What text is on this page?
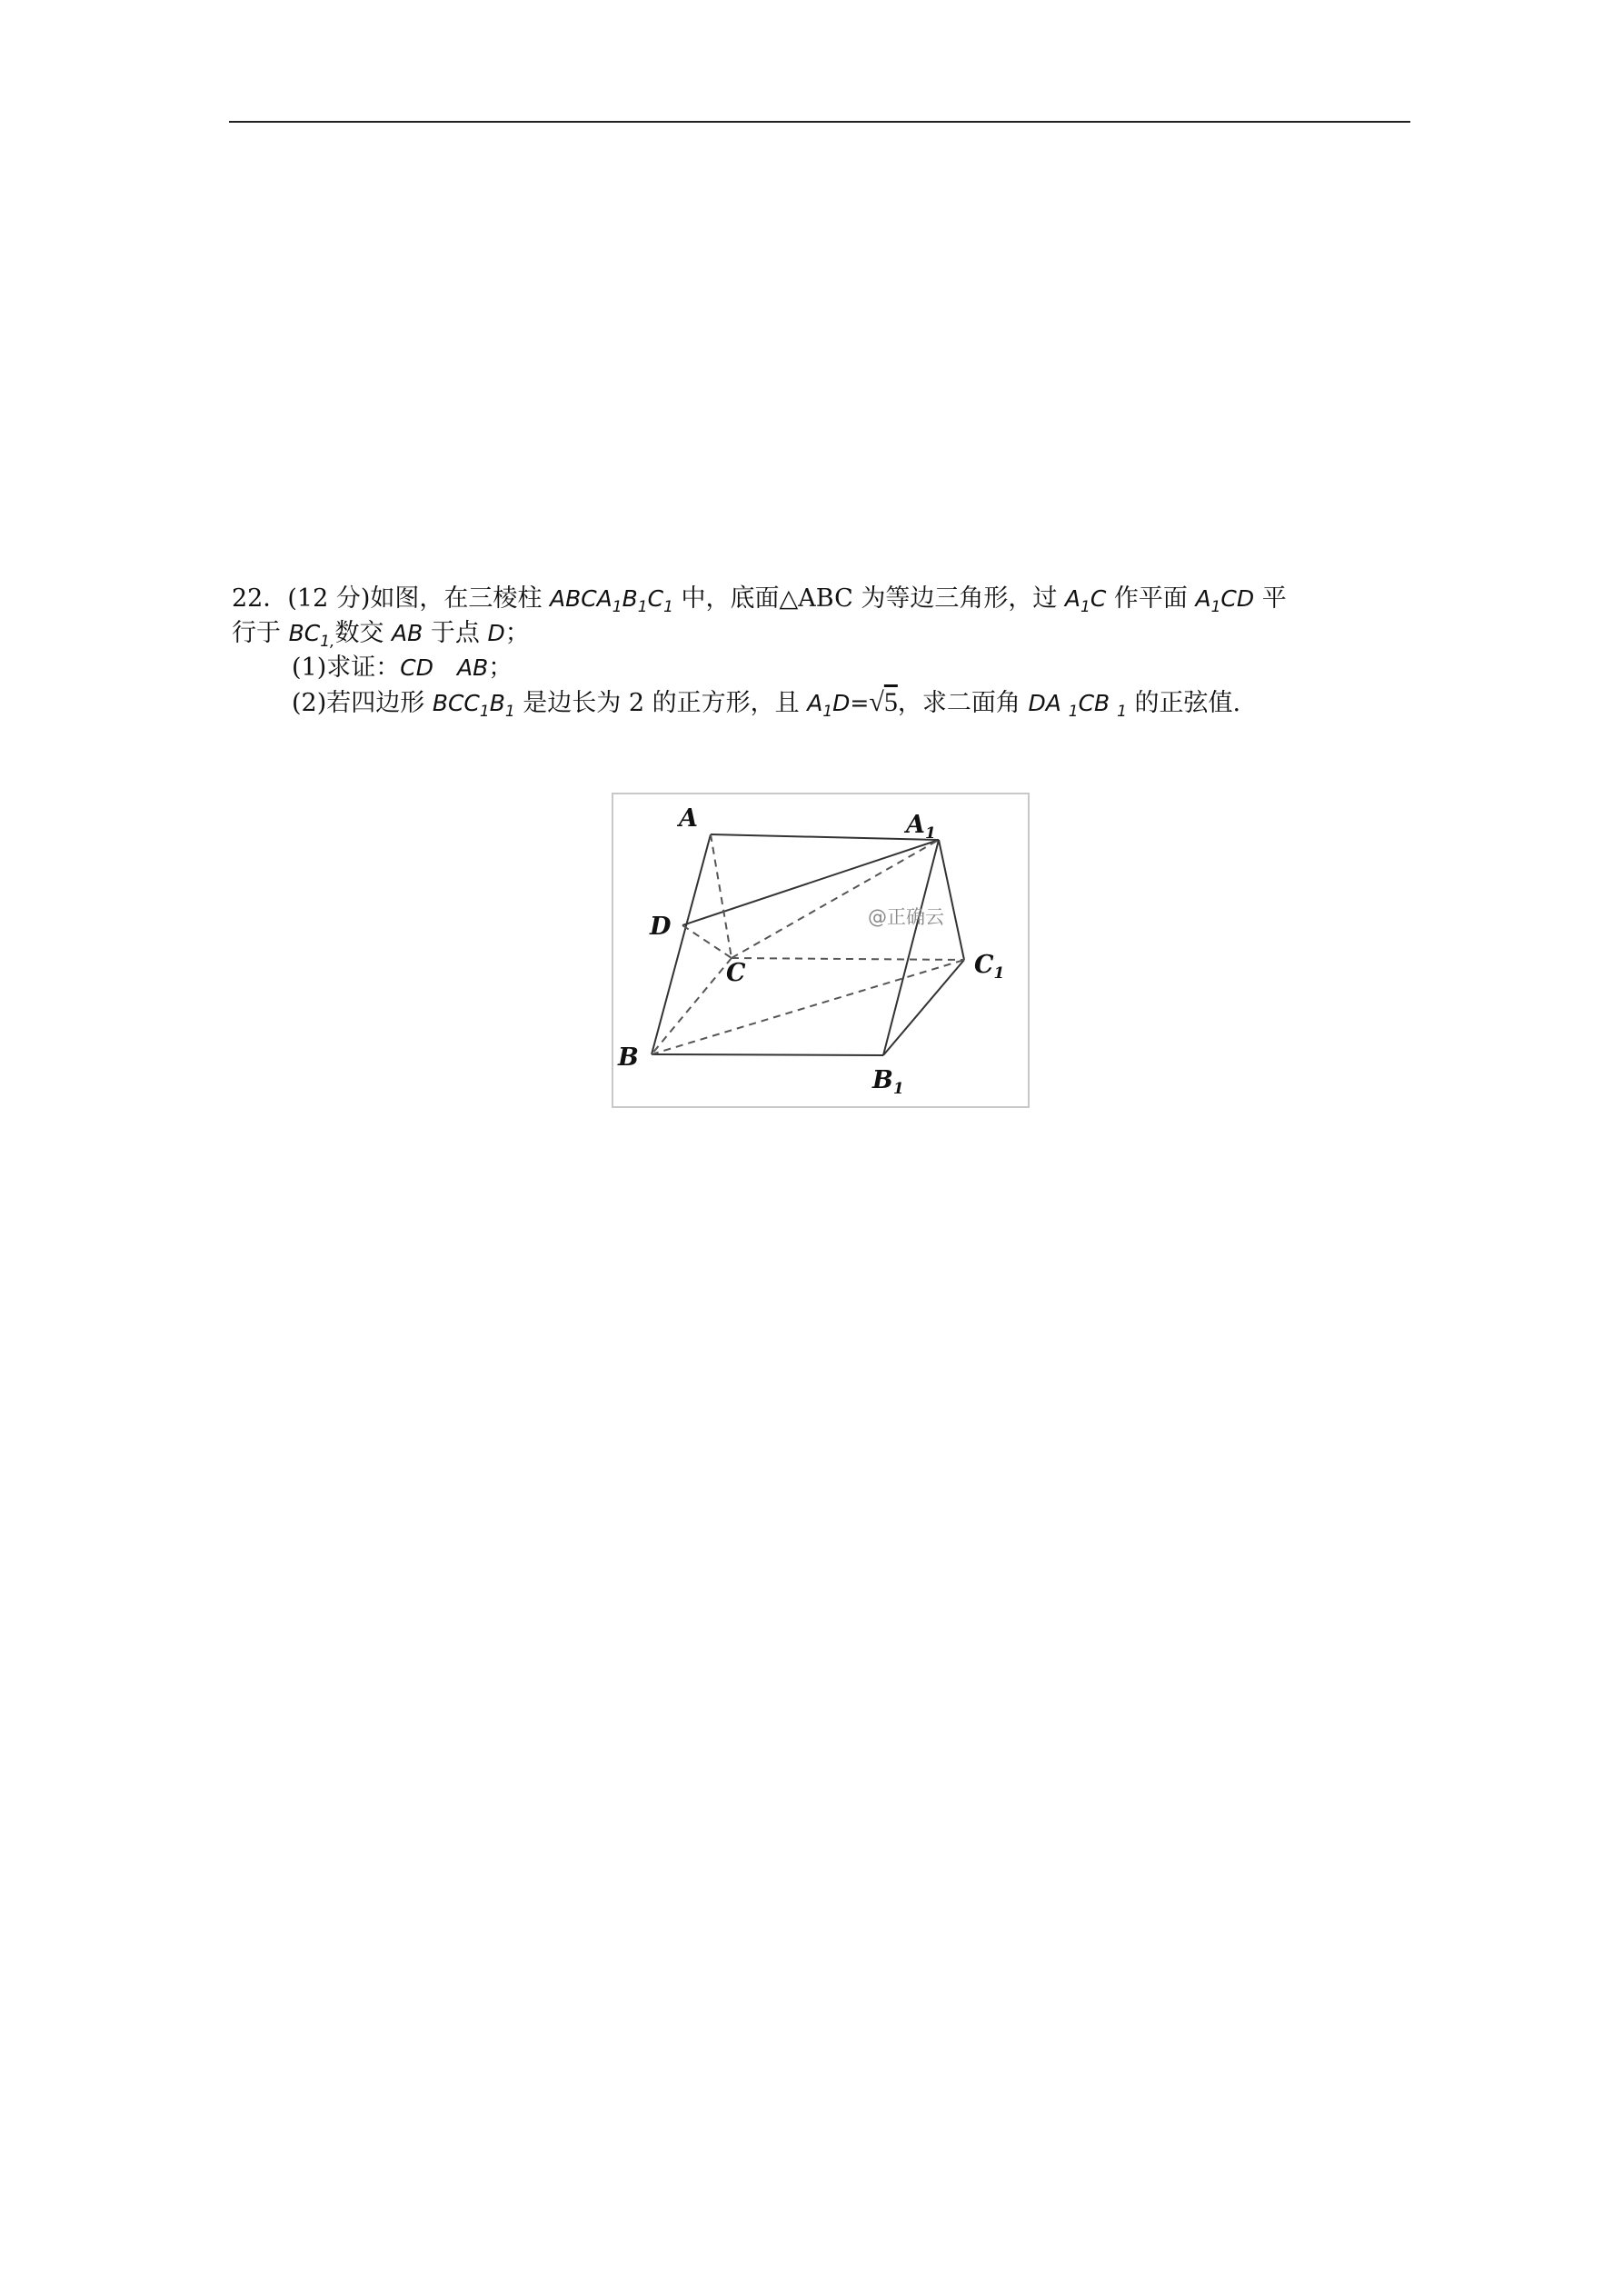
22．(12 分)如图，在三棱柱 $ABCA_1B_1C_1$ 中，底面△ABC 为等边三角形，过 $A_1C$ 作平面 $A_1CD$ 平
行于 $BC_{1,}$数交 AB 于点 D；
(1)求证：CD AB；
(2)若四边形 $BCC_1B_1$ 是边长为 2 的正方形，且 $A_1D=√5$，求二面角 DA $_1$CB $_1$ 的正弦值.
A	$A_1$
D
C	$C_1$
B
$B_1$
@正确云
